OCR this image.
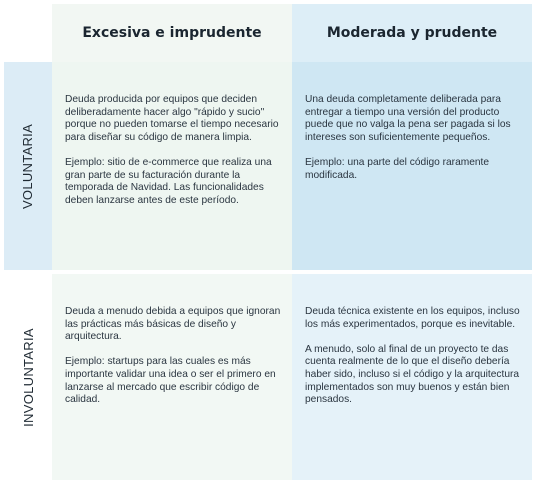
Excesiva e imprudente	Moderada y prudente
VOLUNTARIA
INVOLUNTARIA

Deuda producida por equipos que deciden deliberadamente hacer algo "rápido y sucio" porque no pueden tomarse el tiempo necesario para diseñar su código de manera limpia.

Ejemplo: sitio de e-commerce que realiza una gran parte de su facturación durante la temporada de Navidad. Las funcionalidades deben lanzarse antes de este período.

Una deuda completamente deliberada para entregar a tiempo una versión del producto puede que no valga la pena ser pagada si los intereses son suficientemente pequeños.

Ejemplo: una parte del código raramente modificada.

Deuda a menudo debida a equipos que ignoran las prácticas más básicas de diseño y arquitectura.

Ejemplo: startups para las cuales es más importante validar una idea o ser el primero en lanzarse al mercado que escribir código de calidad.

Deuda técnica existente en los equipos, incluso los más experimentados, porque es inevitable.

A menudo, solo al final de un proyecto te das cuenta realmente de lo que el diseño debería haber sido, incluso si el código y la arquitectura implementados son muy buenos y están bien pensados.
